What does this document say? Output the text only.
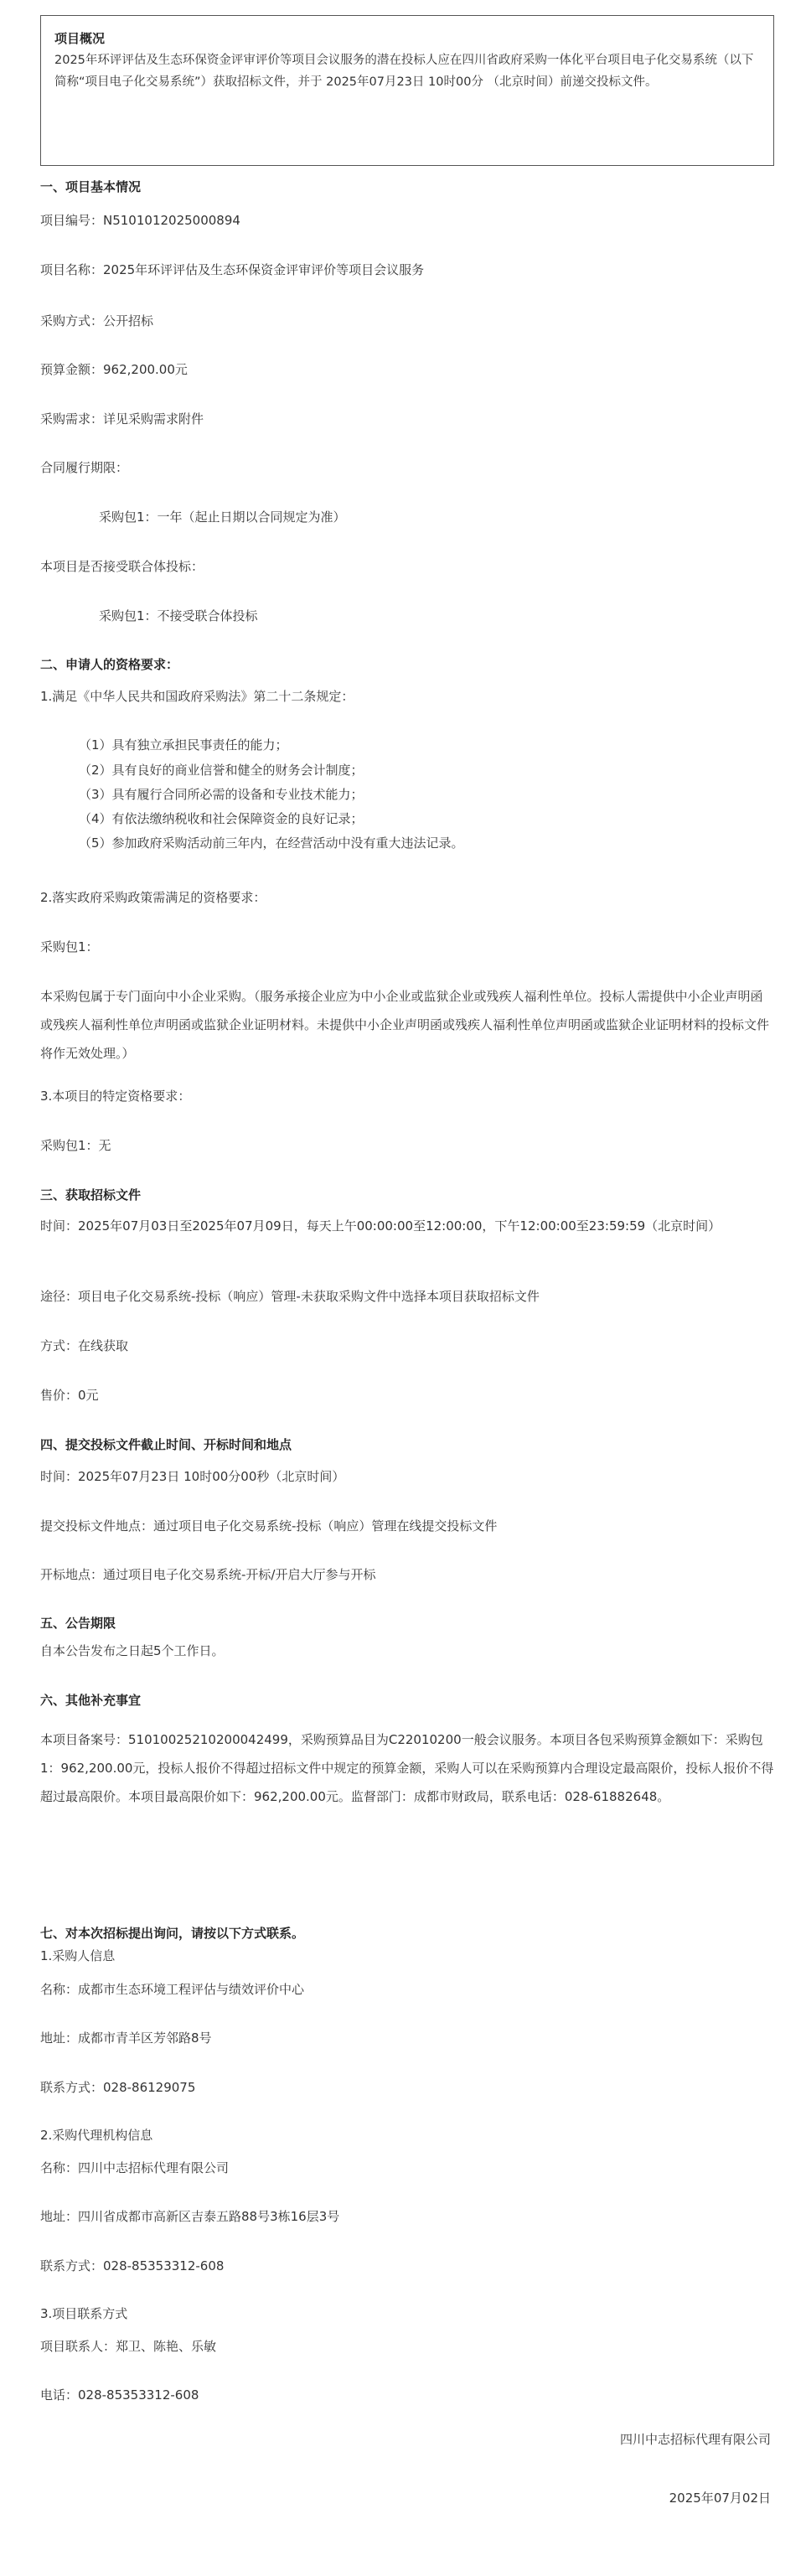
项目概况
2025年环评评估及生态环保资金评审评价等项目会议服务的潜在投标人应在四川省政府采购一体化平台项目电子化交易系统（以下简称“项目电子化交易系统”）获取招标文件，并于 2025年07月23日 10时00分 （北京时间）前递交投标文件。
一、项目基本情况
项目编号：N5101012025000894
项目名称：2025年环评评估及生态环保资金评审评价等项目会议服务
采购方式：公开招标
预算金额：962,200.00元
采购需求：详见采购需求附件
合同履行期限：
采购包1：一年（起止日期以合同规定为准）
本项目是否接受联合体投标：
采购包1：不接受联合体投标
二、申请人的资格要求：
1.满足《中华人民共和国政府采购法》第二十二条规定：
（1）具有独立承担民事责任的能力；
（2）具有良好的商业信誉和健全的财务会计制度；
（3）具有履行合同所必需的设备和专业技术能力；
（4）有依法缴纳税收和社会保障资金的良好记录；
（5）参加政府采购活动前三年内，在经营活动中没有重大违法记录。
2.落实政府采购政策需满足的资格要求：
采购包1：
本采购包属于专门面向中小企业采购。（服务承接企业应为中小企业或监狱企业或残疾人福利性单位。投标人需提供中小企业声明函或残疾人福利性单位声明函或监狱企业证明材料。未提供中小企业声明函或残疾人福利性单位声明函或监狱企业证明材料的投标文件将作无效处理。）
3.本项目的特定资格要求：
采购包1：无
三、获取招标文件
时间：2025年07月03日至2025年07月09日，每天上午00:00:00至12:00:00，下午12:00:00至23:59:59（北京时间）
途径：项目电子化交易系统-投标（响应）管理-未获取采购文件中选择本项目获取招标文件
方式：在线获取
售价：0元
四、提交投标文件截止时间、开标时间和地点
时间：2025年07月23日 10时00分00秒（北京时间）
提交投标文件地点：通过项目电子化交易系统-投标（响应）管理在线提交投标文件
开标地点：通过项目电子化交易系统-开标/开启大厅参与开标
五、公告期限
自本公告发布之日起5个工作日。
六、其他补充事宜
本项目备案号：51010025210200042499，采购预算品目为C22010200一般会议服务。本项目各包采购预算金额如下：采购包1：962,200.00元，投标人报价不得超过招标文件中规定的预算金额，采购人可以在采购预算内合理设定最高限价，投标人报价不得超过最高限价。本项目最高限价如下：962,200.00元。监督部门：成都市财政局，联系电话：028-61882648。
七、对本次招标提出询问，请按以下方式联系。
1.采购人信息
名称：成都市生态环境工程评估与绩效评价中心
地址：成都市青羊区芳邻路8号
联系方式：028-86129075
2.采购代理机构信息
名称：四川中志招标代理有限公司
地址：四川省成都市高新区吉泰五路88号3栋16层3号
联系方式：028-85353312-608
3.项目联系方式
项目联系人：郑卫、陈艳、乐敏
电话：028-85353312-608
四川中志招标代理有限公司
2025年07月02日
